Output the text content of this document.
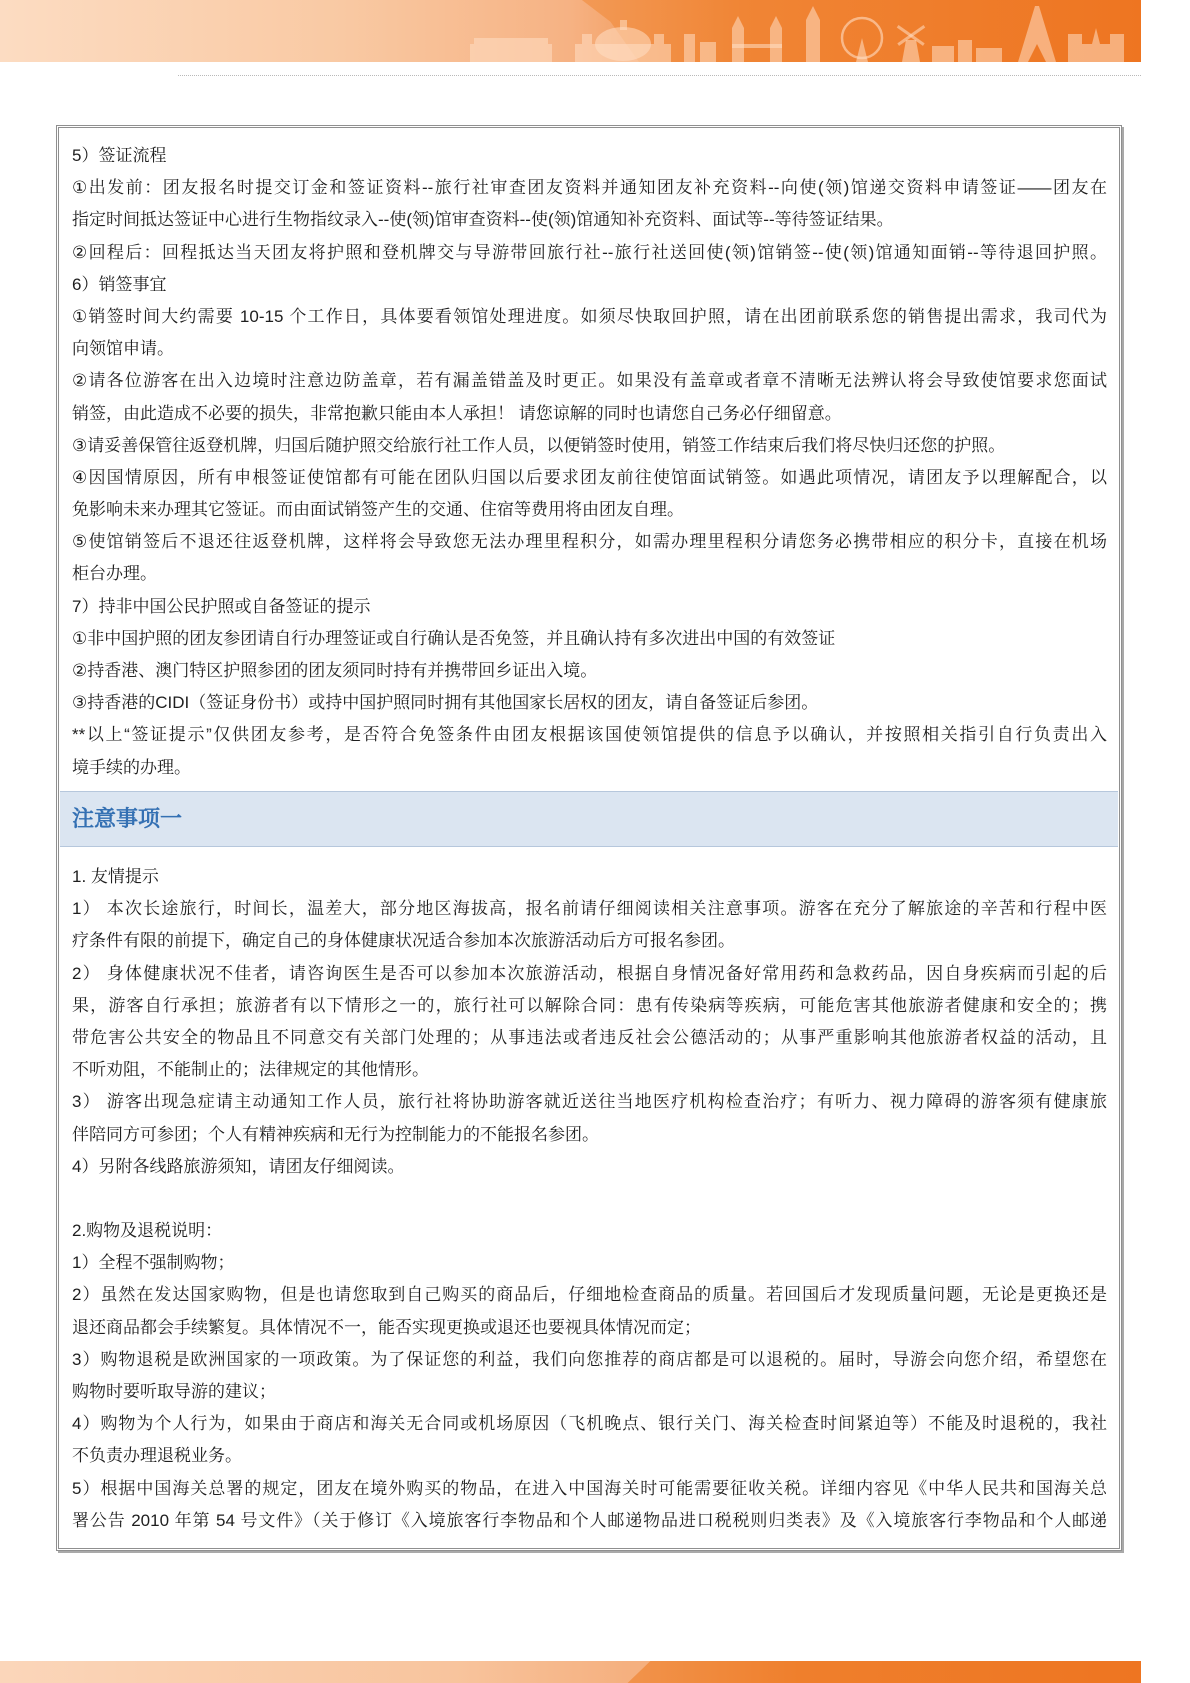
5）签证流程
①出发前：团友报名时提交订金和签证资料--旅行社审查团友资料并通知团友补充资料--向使(领)馆递交资料申请签证——团友在
指定时间抵达签证中心进行生物指纹录入--使(领)馆审查资料--使(领)馆通知补充资料、面试等--等待签证结果。
②回程后：回程抵达当天团友将护照和登机牌交与导游带回旅行社--旅行社送回使(领)馆销签--使(领)馆通知面销--等待退回护照。
6）销签事宜
①销签时间大约需要 10-15 个工作日，具体要看领馆处理进度。如须尽快取回护照，请在出团前联系您的销售提出需求，我司代为
向领馆申请。
②请各位游客在出入边境时注意边防盖章，若有漏盖错盖及时更正。如果没有盖章或者章不清晰无法辨认将会导致使馆要求您面试
销签，由此造成不必要的损失，非常抱歉只能由本人承担！ 请您谅解的同时也请您自己务必仔细留意。
③请妥善保管往返登机牌，归国后随护照交给旅行社工作人员，以便销签时使用，销签工作结束后我们将尽快归还您的护照。
④因国情原因，所有申根签证使馆都有可能在团队归国以后要求团友前往使馆面试销签。如遇此项情况，请团友予以理解配合，以
免影响未来办理其它签证。而由面试销签产生的交通、住宿等费用将由团友自理。
⑤使馆销签后不退还往返登机牌，这样将会导致您无法办理里程积分，如需办理里程积分请您务必携带相应的积分卡，直接在机场
柜台办理。
7）持非中国公民护照或自备签证的提示
①非中国护照的团友参团请自行办理签证或自行确认是否免签，并且确认持有多次进出中国的有效签证
②持香港、澳门特区护照参团的团友须同时持有并携带回乡证出入境。
③持香港的CIDI（签证身份书）或持中国护照同时拥有其他国家长居权的团友，请自备签证后参团。
**以上“签证提示”仅供团友参考，是否符合免签条件由团友根据该国使领馆提供的信息予以确认，并按照相关指引自行负责出入
境手续的办理。
注意事项一
1. 友情提示
1） 本次长途旅行，时间长，温差大，部分地区海拔高，报名前请仔细阅读相关注意事项。游客在充分了解旅途的辛苦和行程中医
疗条件有限的前提下，确定自己的身体健康状况适合参加本次旅游活动后方可报名参团。
2） 身体健康状况不佳者，请咨询医生是否可以参加本次旅游活动，根据自身情况备好常用药和急救药品，因自身疾病而引起的后
果，游客自行承担；旅游者有以下情形之一的，旅行社可以解除合同：患有传染病等疾病，可能危害其他旅游者健康和安全的；携
带危害公共安全的物品且不同意交有关部门处理的；从事违法或者违反社会公德活动的；从事严重影响其他旅游者权益的活动，且
不听劝阻，不能制止的；法律规定的其他情形。
3） 游客出现急症请主动通知工作人员，旅行社将协助游客就近送往当地医疗机构检查治疗；有听力、视力障碍的游客须有健康旅
伴陪同方可参团；个人有精神疾病和无行为控制能力的不能报名参团。
4）另附各线路旅游须知，请团友仔细阅读。
2.购物及退税说明：
1）全程不强制购物；
2）虽然在发达国家购物，但是也请您取到自己购买的商品后，仔细地检查商品的质量。若回国后才发现质量问题，无论是更换还是
退还商品都会手续繁复。具体情况不一，能否实现更换或退还也要视具体情况而定；
3）购物退税是欧洲国家的一项政策。为了保证您的利益，我们向您推荐的商店都是可以退税的。届时，导游会向您介绍，希望您在
购物时要听取导游的建议；
4）购物为个人行为，如果由于商店和海关无合同或机场原因（飞机晚点、银行关门、海关检查时间紧迫等）不能及时退税的，我社
不负责办理退税业务。
5）根据中国海关总署的规定，团友在境外购买的物品，在进入中国海关时可能需要征收关税。详细内容见《中华人民共和国海关总
署公告 2010 年第 54 号文件》（关于修订《入境旅客行李物品和个人邮递物品进口税税则归类表》及《入境旅客行李物品和个人邮递
